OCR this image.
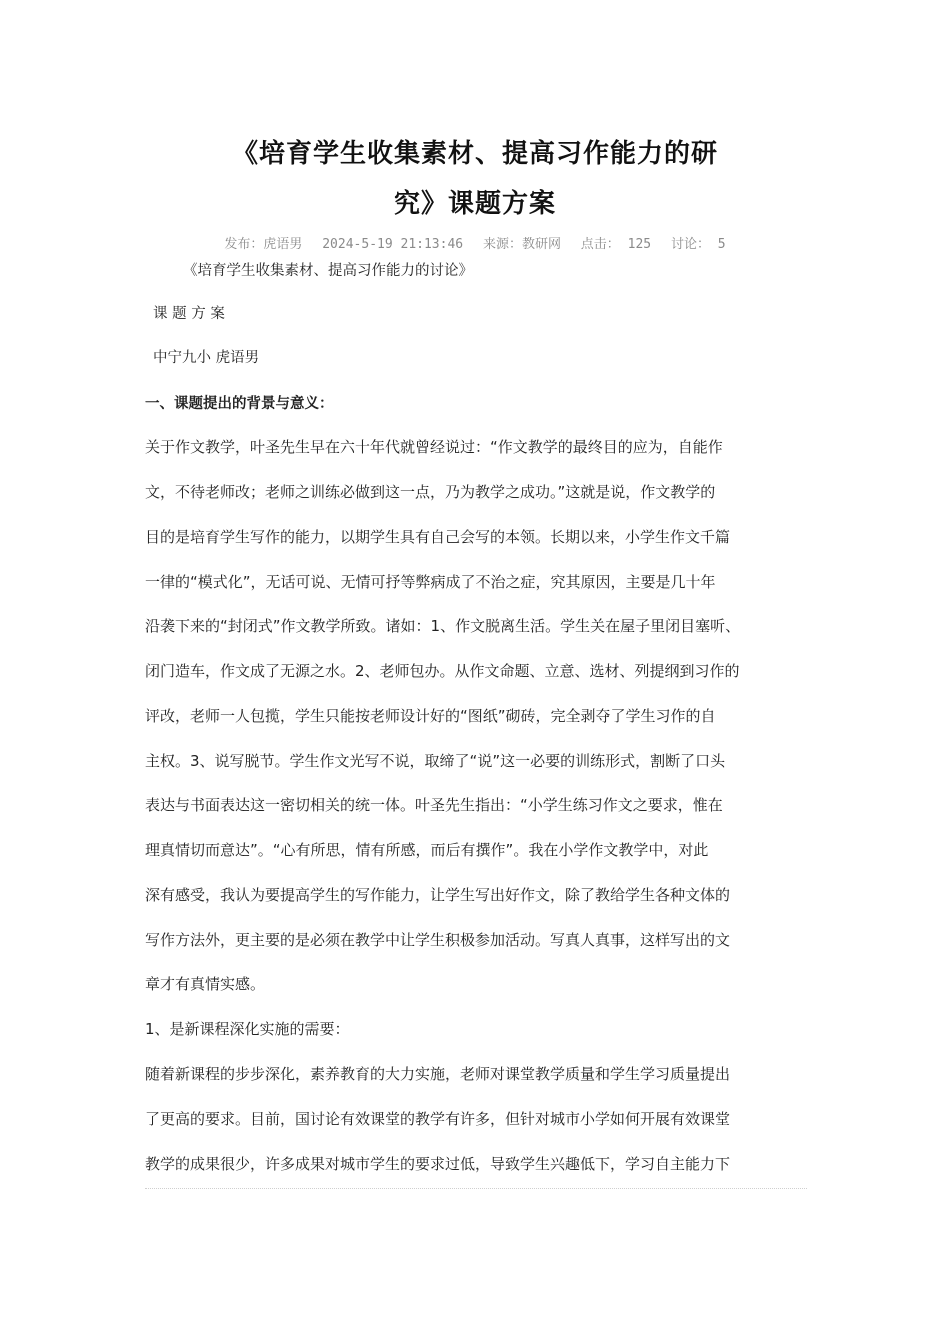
《培育学生收集素材、提高习作能力的研
究》课题方案
发布：虎语男 2024-5-19 21:13:46 来源：教研网 点击： 125 讨论： 5
《培育学生收集素材、提高习作能力的讨论》
课 题 方 案
中宁九小 虎语男
一、课题提出的背景与意义：
关于作文教学，叶圣先生早在六十年代就曾经说过：“作文教学的最终目的应为，自能作
文，不待老师改；老师之训练必做到这一点，乃为教学之成功。”这就是说，作文教学的
目的是培育学生写作的能力，以期学生具有自己会写的本领。长期以来，小学生作文千篇
一律的“模式化”，无话可说、无情可抒等弊病成了不治之症，究其原因，主要是几十年
沿袭下来的“封闭式”作文教学所致。诸如：1、作文脱离生活。学生关在屋子里闭目塞听、
闭门造车，作文成了无源之水。2、老师包办。从作文命题、立意、选材、列提纲到习作的
评改，老师一人包揽，学生只能按老师设计好的“图纸”砌砖，完全剥夺了学生习作的自
主权。3、说写脱节。学生作文光写不说，取缔了“说”这一必要的训练形式，割断了口头
表达与书面表达这一密切相关的统一体。叶圣先生指出：“小学生练习作文之要求，惟在
理真情切而意达”。“心有所思，情有所感，而后有撰作”。我在小学作文教学中，对此
深有感受，我认为要提高学生的写作能力，让学生写出好作文，除了教给学生各种文体的
写作方法外，更主要的是必须在教学中让学生积极参加活动。写真人真事，这样写出的文
章才有真情实感。
1、是新课程深化实施的需要：
随着新课程的步步深化，素养教育的大力实施，老师对课堂教学质量和学生学习质量提出
了更高的要求。目前，国讨论有效课堂的教学有许多，但针对城市小学如何开展有效课堂
教学的成果很少，许多成果对城市学生的要求过低，导致学生兴趣低下，学习自主能力下
